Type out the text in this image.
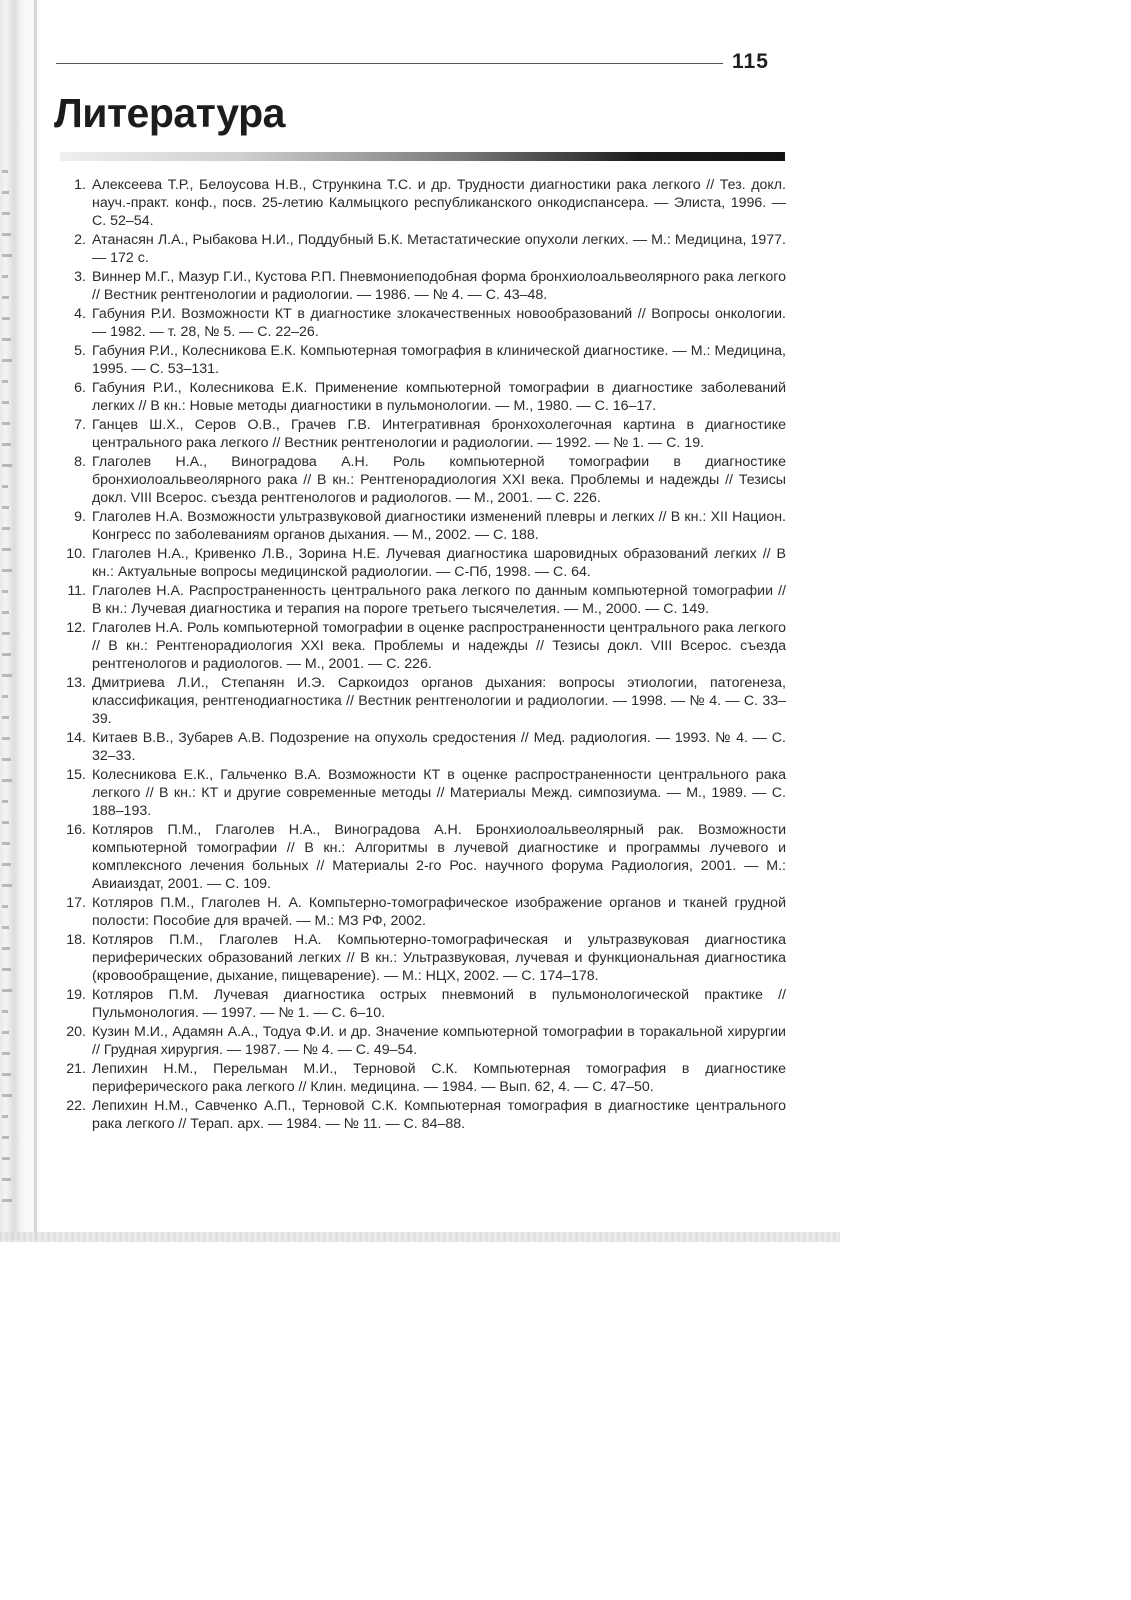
115
Литература
1. Алексеева Т.Р., Белоусова Н.В., Стрункина Т.С. и др. Трудности диагностики рака легкого // Тез. докл. науч.-практ. конф., посв. 25-летию Калмыцкого республиканского онкодиспансера. — Элиста, 1996. — С. 52–54.
2. Атанасян Л.А., Рыбакова Н.И., Поддубный Б.К. Метастатические опухоли легких. — М.: Медицина, 1977. — 172 с.
3. Виннер М.Г., Мазур Г.И., Кустова Р.П. Пневмониеподобная форма бронхиолоальвеолярного рака легкого // Вестник рентгенологии и радиологии. — 1986. — № 4. — С. 43–48.
4. Габуния Р.И. Возможности КТ в диагностике злокачественных новообразований // Вопросы онкологии. — 1982. — т. 28, № 5. — С. 22–26.
5. Габуния Р.И., Колесникова Е.К. Компьютерная томография в клинической диагностике. — М.: Медицина, 1995. — С. 53–131.
6. Габуния Р.И., Колесникова Е.К. Применение компьютерной томографии в диагностике заболеваний легких // В кн.: Новые методы диагностики в пульмонологии. — М., 1980. — С. 16–17.
7. Ганцев Ш.Х., Серов О.В., Грачев Г.В. Интегративная бронхохолегочная картина в диагностике центрального рака легкого // Вестник рентгенологии и радиологии. — 1992. — № 1. — С. 19.
8. Глаголев Н.А., Виноградова А.Н. Роль компьютерной томографии в диагностике бронхиолоальвеолярного рака // В кн.: Рентгенорадиология XXI века. Проблемы и надежды // Тезисы докл. VIII Всерос. съезда рентгенологов и радиологов. — М., 2001. — С. 226.
9. Глаголев Н.А. Возможности ультразвуковой диагностики изменений плевры и легких // В кн.: XII Национ. Конгресс по заболеваниям органов дыхания. — М., 2002. — С. 188.
10. Глаголев Н.А., Кривенко Л.В., Зорина Н.Е. Лучевая диагностика шаровидных образований легких // В кн.: Актуальные вопросы медицинской радиологии. — С-Пб, 1998. — С. 64.
11. Глаголев Н.А. Распространенность центрального рака легкого по данным компьютерной томографии // В кн.: Лучевая диагностика и терапия на пороге третьего тысячелетия. — М., 2000. — С. 149.
12. Глаголев Н.А. Роль компьютерной томографии в оценке распространенности центрального рака легкого // В кн.: Рентгенорадиология XXI века. Проблемы и надежды // Тезисы докл. VIII Всерос. съезда рентгенологов и радиологов. — М., 2001. — С. 226.
13. Дмитриева Л.И., Степанян И.Э. Саркоидоз органов дыхания: вопросы этиологии, патогенеза, классификация, рентгенодиагностика // Вестник рентгенологии и радиологии. — 1998. — № 4. — С. 33–39.
14. Китаев В.В., Зубарев А.В. Подозрение на опухоль средостения // Мед. радиология. — 1993. № 4. — С. 32–33.
15. Колесникова Е.К., Гальченко В.А. Возможности КТ в оценке распространенности центрального рака легкого // В кн.: КТ и другие современные методы // Материалы Межд. симпозиума. — М., 1989. — С. 188–193.
16. Котляров П.М., Глаголев Н.А., Виноградова А.Н. Бронхиолоальвеолярный рак. Возможности компьютерной томографии // В кн.: Алгоритмы в лучевой диагностике и программы лучевого и комплексного лечения больных // Материалы 2-го Рос. научного форума Радиология, 2001. — М.: Авиаиздат, 2001. — С. 109.
17. Котляров П.М., Глаголев Н. А. Компьтерно-томографическое изображение органов и тканей грудной полости: Пособие для врачей. — М.: МЗ РФ, 2002.
18. Котляров П.М., Глаголев Н.А. Компьютерно-томографическая и ультразвуковая диагностика периферических образований легких // В кн.: Ультразвуковая, лучевая и функциональная диагностика (кровообращение, дыхание, пищеварение). — М.: НЦХ, 2002. — С. 174–178.
19. Котляров П.М. Лучевая диагностика острых пневмоний в пульмонологической практике // Пульмонология. — 1997. — № 1. — С. 6–10.
20. Кузин М.И., Адамян А.А., Тодуа Ф.И. и др. Значение компьютерной томографии в торакальной хирургии // Грудная хирургия. — 1987. — № 4. — С. 49–54.
21. Лепихин Н.М., Перельман М.И., Терновой С.К. Компьютерная томография в диагностике периферического рака легкого // Клин. медицина. — 1984. — Вып. 62, 4. — С. 47–50.
22. Лепихин Н.М., Савченко А.П., Терновой С.К. Компьютерная томография в диагностике центрального рака легкого // Терап. арх. — 1984. — № 11. — С. 84–88.
